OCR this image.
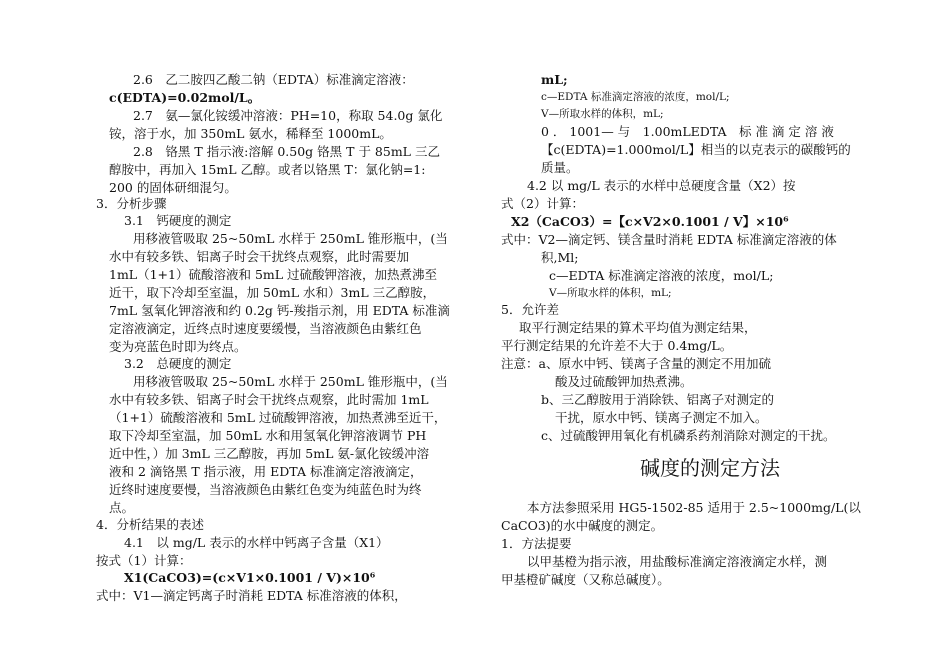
2.6　乙二胺四乙酸二钠（EDTA）标准滴定溶液：
c(EDTA)=0.02mol/L。
2.7　氨—氯化铵缓冲溶液：PH=10，称取 54.0g 氯化
铵，溶于水，加 350mL 氨水，稀释至 1000mL。
2.8　铬黑 T 指示液:溶解 0.50g 铬黑 T 于 85mL 三乙
醇胺中，再加入 15mL 乙醇。或者以铬黑 T：氯化钠=1:
200 的固体研细混匀。
3．分析步骤
3.1　钙硬度的测定
用移液管吸取 25~50mL 水样于 250mL 锥形瓶中，(当
水中有较多铁、铝离子时会干扰终点观察，此时需要加
1mL（1+1）硫酸溶液和 5mL 过硫酸钾溶液，加热煮沸至
近干，取下冷却至室温，加 50mL 水和）3mL 三乙醇胺，
7mL 氢氧化钾溶液和约 0.2g 钙-羧指示剂，用 EDTA 标准滴
定溶液滴定，近终点时速度要缓慢，当溶液颜色由紫红色
变为亮蓝色时即为终点。
3.2　总硬度的测定
用移液管吸取 25~50mL 水样于 250mL 锥形瓶中，(当
水中有较多铁、铝离子时会干扰终点观察，此时需加 1mL
（1+1）硫酸溶液和 5mL 过硫酸钾溶液，加热煮沸至近干，
取下冷却至室温，加 50mL 水和用氢氧化钾溶液调节 PH
近中性，）加 3mL 三乙醇胺，再加 5mL 氨-氯化铵缓冲溶
液和 2 滴铬黑 T 指示液，用 EDTA 标准滴定溶液滴定，
近终时速度要慢，当溶液颜色由紫红色变为纯蓝色时为终
点。
4．分析结果的表述
4.1　以 mg/L 表示的水样中钙离子含量（X1）
按式（1）计算：
X1(CaCO3)=(c×V1×0.1001 / V)×10⁶
式中：V1—滴定钙离子时消耗 EDTA 标准溶液的体积，
mL;
c—EDTA 标准滴定溶液的浓度，mol/L;
V—所取水样的体积，mL;
0 ． 1001— 与　1.00mLEDTA　标 准 滴 定 溶 液
【c(EDTA)=1.000mol/L】相当的以克表示的碳酸钙的
质量。
4.2 以 mg/L 表示的水样中总硬度含量（X2）按
式（2）计算：
X2（CaCO3）=【c×V2×0.1001 / V】×10⁶
式中：V2—滴定钙、镁含量时消耗 EDTA 标准滴定溶液的体
积,Ml;
c—EDTA 标准滴定溶液的浓度，mol/L;
V—所取水样的体积，mL;
5．允许差
取平行测定结果的算术平均值为测定结果，
平行测定结果的允许差不大于 0.4mg/L。
注意：a、原水中钙、镁离子含量的测定不用加硫
酸及过硫酸钾加热煮沸。
b、三乙醇胺用于消除铁、铝离子对测定的
干扰，原水中钙、镁离子测定不加入。
c、过硫酸钾用氧化有机磷系药剂消除对测定的干扰。
碱度的测定方法
本方法参照采用 HG5-1502-85 适用于 2.5~1000mg/L(以
CaCO3)的水中碱度的测定。
1．方法提要
以甲基橙为指示液，用盐酸标准滴定溶液滴定水样，测
甲基橙矿碱度（又称总碱度）。
